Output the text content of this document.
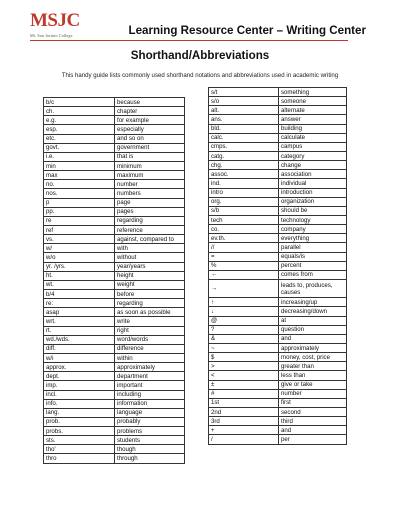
MSJC
Mt. San Jacinto College	Learning Resource Center – Writing Center
Shorthand/Abbreviations
This handy guide lists commonly used shorthand notations and abbreviations used in academic writing
b/c	because
ch.	chapter
e.g.	for example
esp.	especially
etc.	and so on
govt.	government
i.e.	that is
min	minimum
max	maximum
no.	number
nos.	numbers
p	page
pp.	pages
re	regarding
ref	reference
vs.	against, compared to
w/	with
w/o	without
yr. /yrs.	year/years
ht.	height
wt.	weight
b/4	before
re:	regarding
asap	as soon as possible
wrt.	write
rt.	right
wd./wds.	word/words
diff.	difference
w/i	within
approx.	approximately
dept.	department
imp.	important
incl.	including
info.	information
lang.	language
prob.	probably
probs.	problems
sts.	students
tho'	though
thro	through
s/t	something
s/o	someone
alt.	alternate
ans.	answer
bld.	building
calc.	calculate
cmps.	campus
catg.	category
chg.	change
assoc.	association
ind.	individual
intro	introduction
org.	organization
s/b	should be
tech	technology
co.	company
ev.th.	everything
//	parallel
=	equals/is
%	percent
←	comes from
→	leads to, produces, causes
↑	increasing/up
↓	decreasing/down
@	at
?	question
&	and
~	approximately
$	money, cost, price
>	greater than
<	less than
±	give or take
#	number
1st	first
2nd	second
3rd	third
+	and
/	per
